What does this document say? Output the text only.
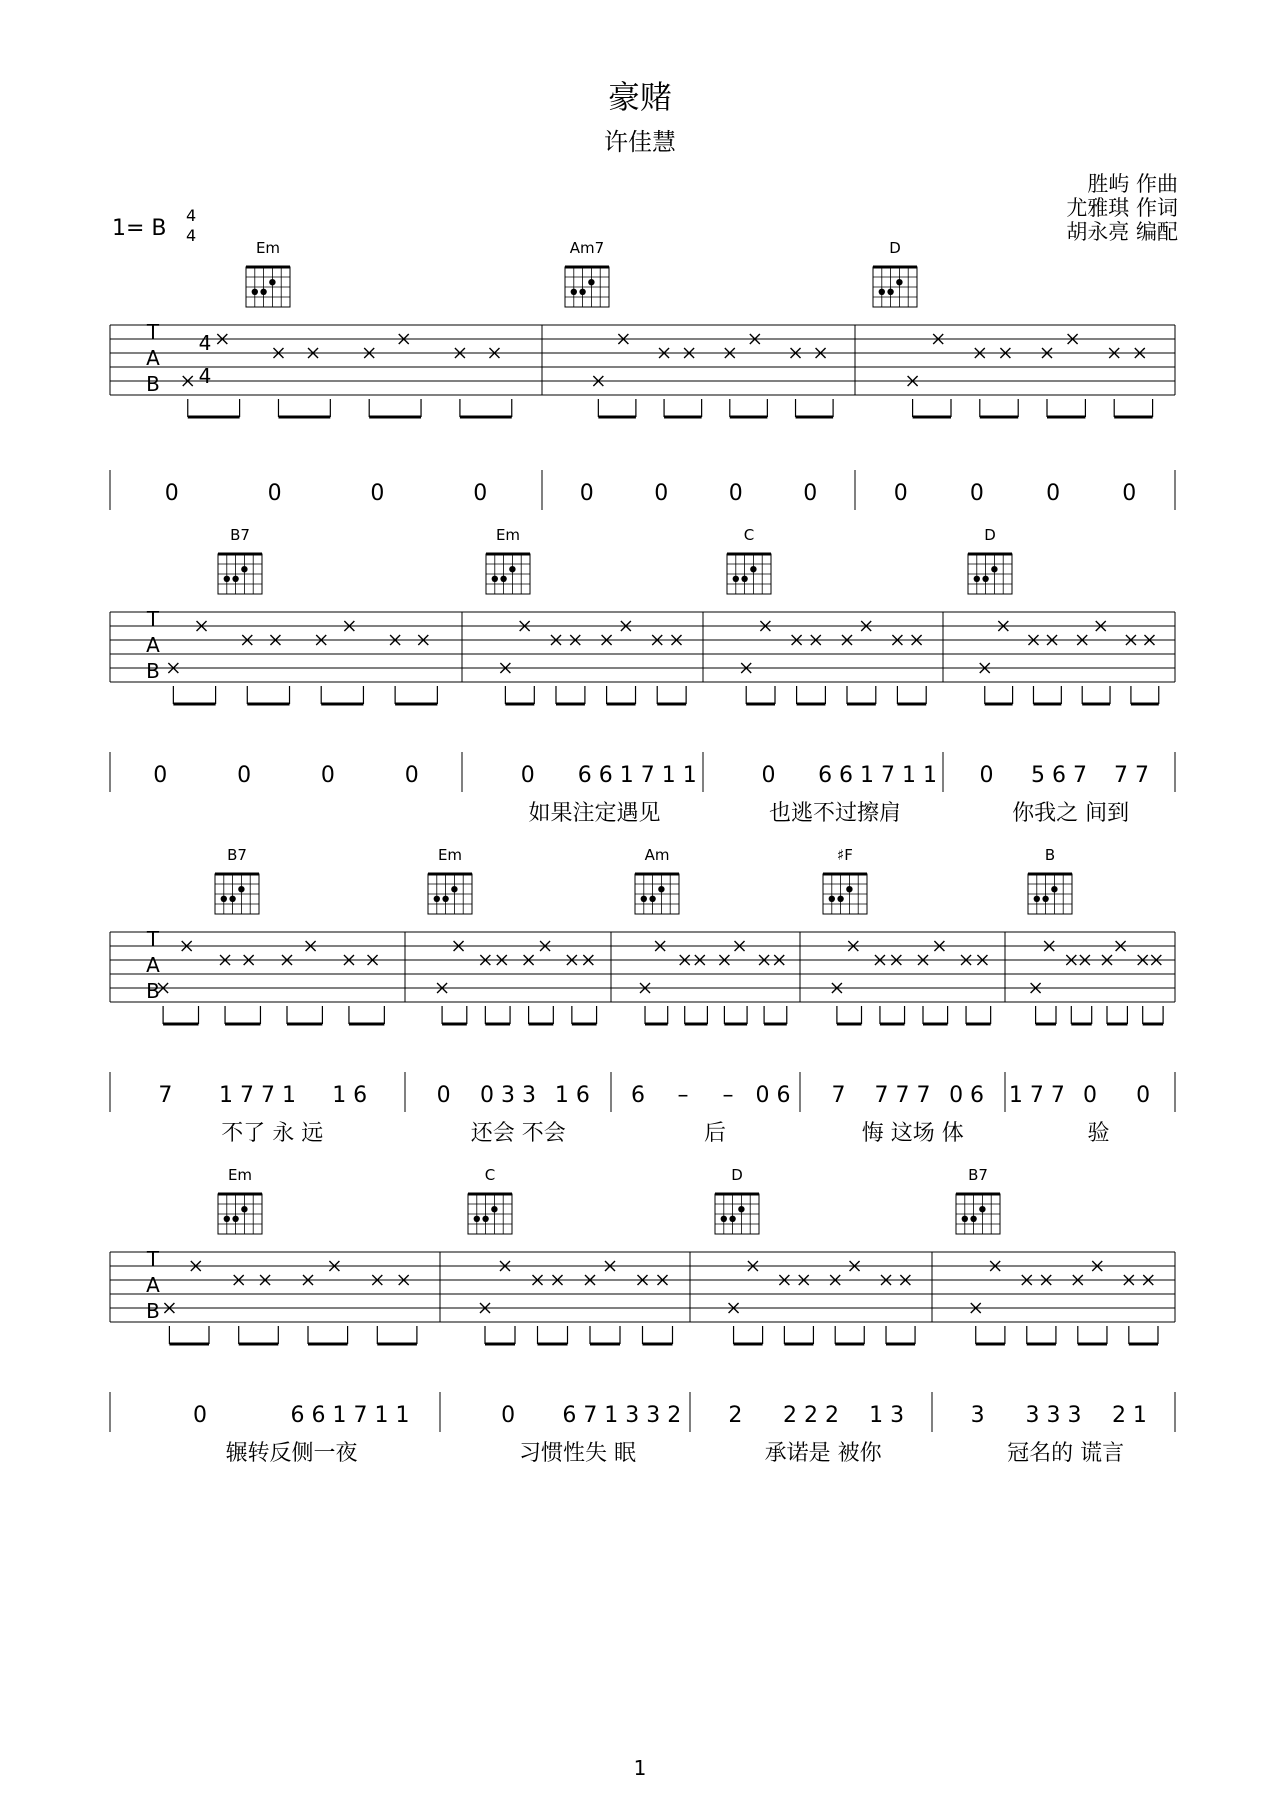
豪赌
许佳慧
胜屿 作曲
尤雅琪 作词
胡永亮 编配
1= B
4
4
1
T
A
B
4
4
0	0	0	0	0	0	0	0	0	0	0	0
Em	Am7	D
T
A
B
0	0	0	0	0 6 6 1 7 1 1
如果注定遇见
0 6 6 1 7 1 1
也逃不过擦肩
0 5 6 7 7 7
你我之 间到
B7	Em	C	D
T
A
B
7 1 7 7 1 1 6
不了 永 远
0 0 3 3 1 6
还会 不会
6 – – 0 6
后
7 7 7 7 0 6
悔 这场 体
1 7 7 0 0
验
B7	Em	Am	♯F	B
T
A
B
0	6 6 1 7 1 1
辗转反侧一夜
0 6 7 1 3 3 2
习惯性失 眠
2 2 2 2 1 3
承诺是 被你
3 3 3 3 2 1
冠名的 谎言
Em	C	D	B7
